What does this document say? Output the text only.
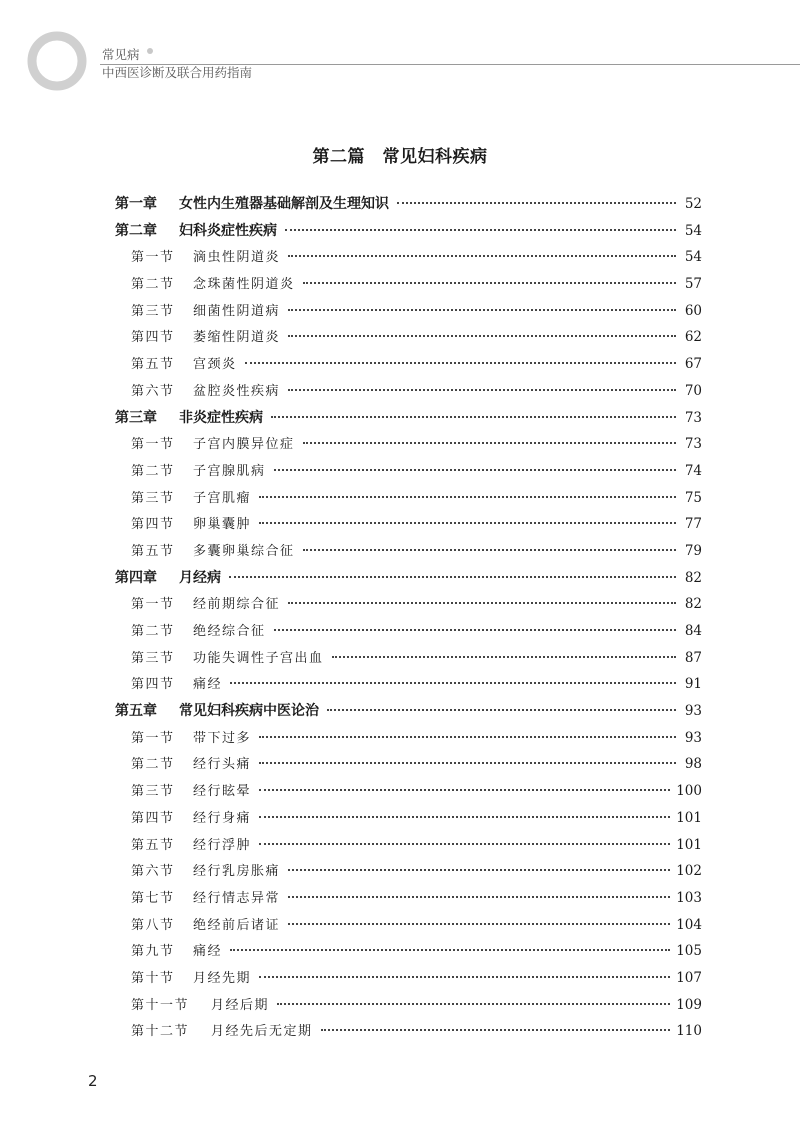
常见病
中西医诊断及联合用药指南
第二篇　常见妇科疾病
第一章	女性内生殖器基础解剖及生理知识	52
第二章	妇科炎症性疾病	54
第一节	滴虫性阴道炎	54
第二节	念珠菌性阴道炎	57
第三节	细菌性阴道病	60
第四节	萎缩性阴道炎	62
第五节	宫颈炎	67
第六节	盆腔炎性疾病	70
第三章	非炎症性疾病	73
第一节	子宫内膜异位症	73
第二节	子宫腺肌病	74
第三节	子宫肌瘤	75
第四节	卵巢囊肿	77
第五节	多囊卵巢综合征	79
第四章	月经病	82
第一节	经前期综合征	82
第二节	绝经综合征	84
第三节	功能失调性子宫出血	87
第四节	痛经	91
第五章	常见妇科疾病中医论治	93
第一节	带下过多	93
第二节	经行头痛	98
第三节	经行眩晕	100
第四节	经行身痛	101
第五节	经行浮肿	101
第六节	经行乳房胀痛	102
第七节	经行情志异常	103
第八节	绝经前后诸证	104
第九节	痛经	105
第十节	月经先期	107
第十一节	月经后期	109
第十二节	月经先后无定期	110
2
